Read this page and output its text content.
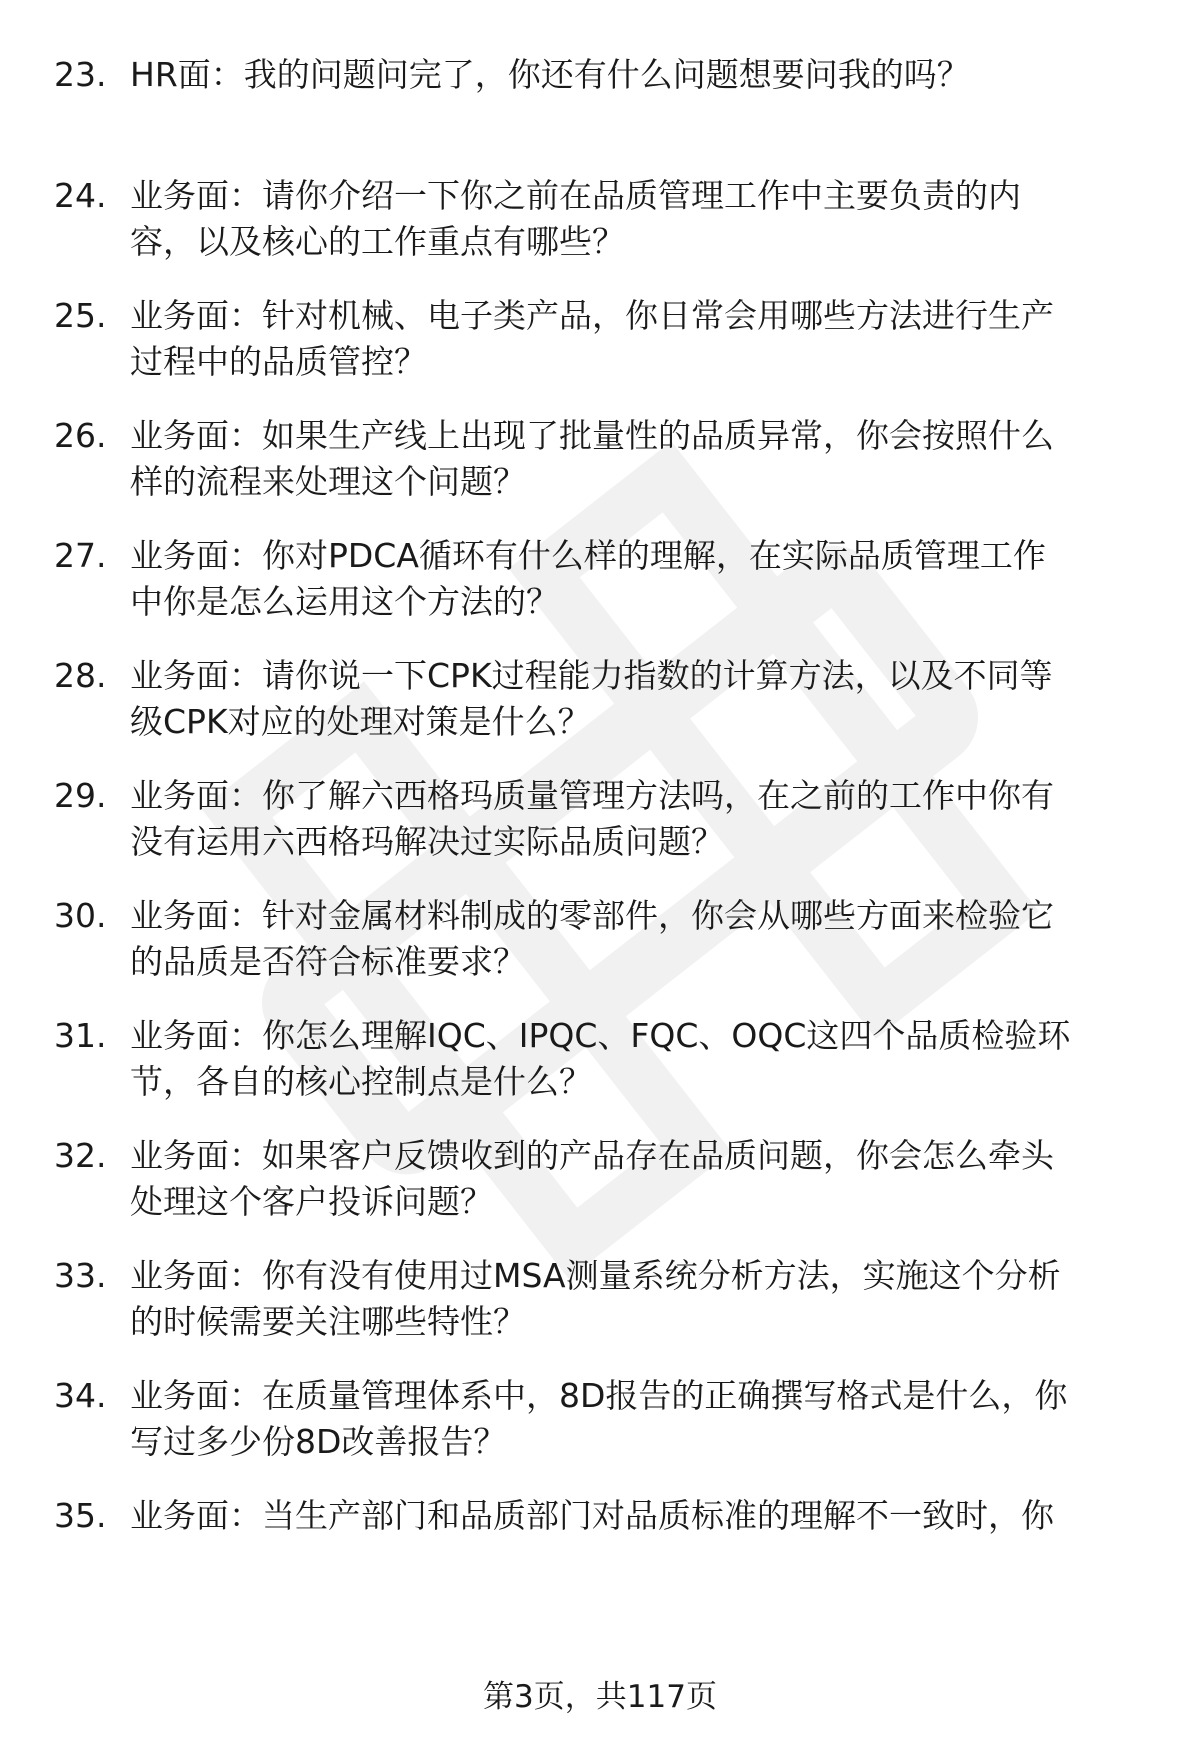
23. HR面：我的问题问完了，你还有什么问题想要问我的吗？
24. 业务面：请你介绍一下你之前在品质管理工作中主要负责的内
容，以及核心的工作重点有哪些？
25. 业务面：针对机械、电子类产品，你日常会用哪些方法进行生产
过程中的品质管控？
26. 业务面：如果生产线上出现了批量性的品质异常，你会按照什么
样的流程来处理这个问题？
27. 业务面：你对PDCA循环有什么样的理解，在实际品质管理工作
中你是怎么运用这个方法的？
28. 业务面：请你说一下CPK过程能力指数的计算方法，以及不同等
级CPK对应的处理对策是什么？
29. 业务面：你了解六西格玛质量管理方法吗，在之前的工作中你有
没有运用六西格玛解决过实际品质问题？
30. 业务面：针对金属材料制成的零部件，你会从哪些方面来检验它
的品质是否符合标准要求？
31. 业务面：你怎么理解IQC、IPQC、FQC、OQC这四个品质检验环
节，各自的核心控制点是什么？
32. 业务面：如果客户反馈收到的产品存在品质问题，你会怎么牵头
处理这个客户投诉问题？
33. 业务面：你有没有使用过MSA测量系统分析方法，实施这个分析
的时候需要关注哪些特性？
34. 业务面：在质量管理体系中，8D报告的正确撰写格式是什么，你
写过多少份8D改善报告？
35. 业务面：当生产部门和品质部门对品质标准的理解不一致时，你
第3页，共117页
